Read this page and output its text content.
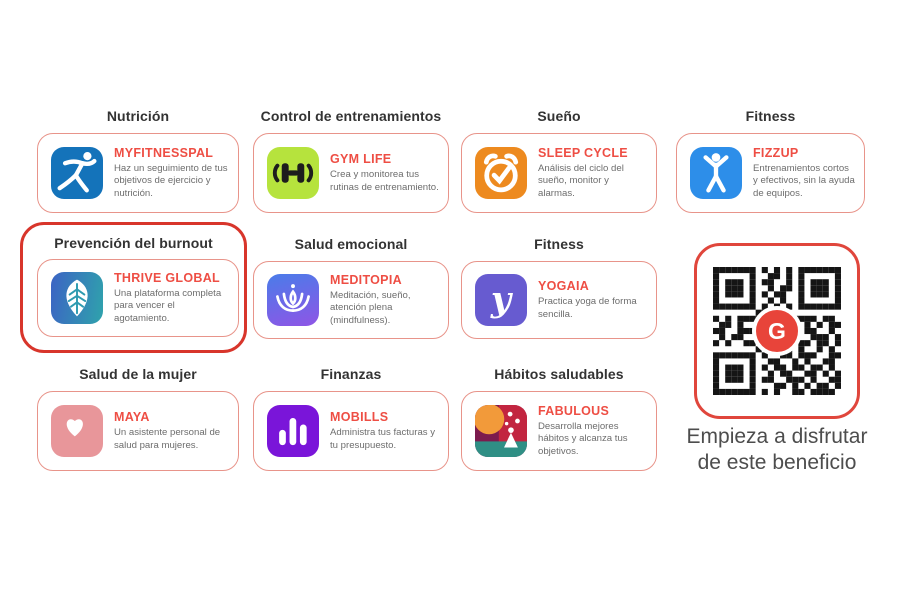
Nutrición
MYFITNESSPAL
Haz un seguimiento de tus objetivos de ejercicio y nutrición.
Control de entrenamientos
GYM LIFE
Crea y monitorea tus rutinas de entrenamiento.
Sueño
SLEEP CYCLE
Análisis del ciclo del sueño, monitor y alarmas.
Fitness
FIZZUP
Entrenamientos cortos y efectivos, sin la ayuda de equipos.
Prevención del burnout
THRIVE GLOBAL
Una plataforma completa para vencer el agotamiento.
Salud emocional
MEDITOPIA
Meditación, sueño, atención plena (mindfulness).
Fitness
y YOGAIA
Practica yoga de forma sencilla.
Salud de la mujer
MAYA
Un asistente personal de salud para mujeres.
Finanzas
MOBILLS
Administra tus facturas y tu presupuesto.
Hábitos saludables
FABULOUS
Desarrolla mejores hábitos y alcanza tus objetivos.
G
Empieza a disfrutar de este beneficio
